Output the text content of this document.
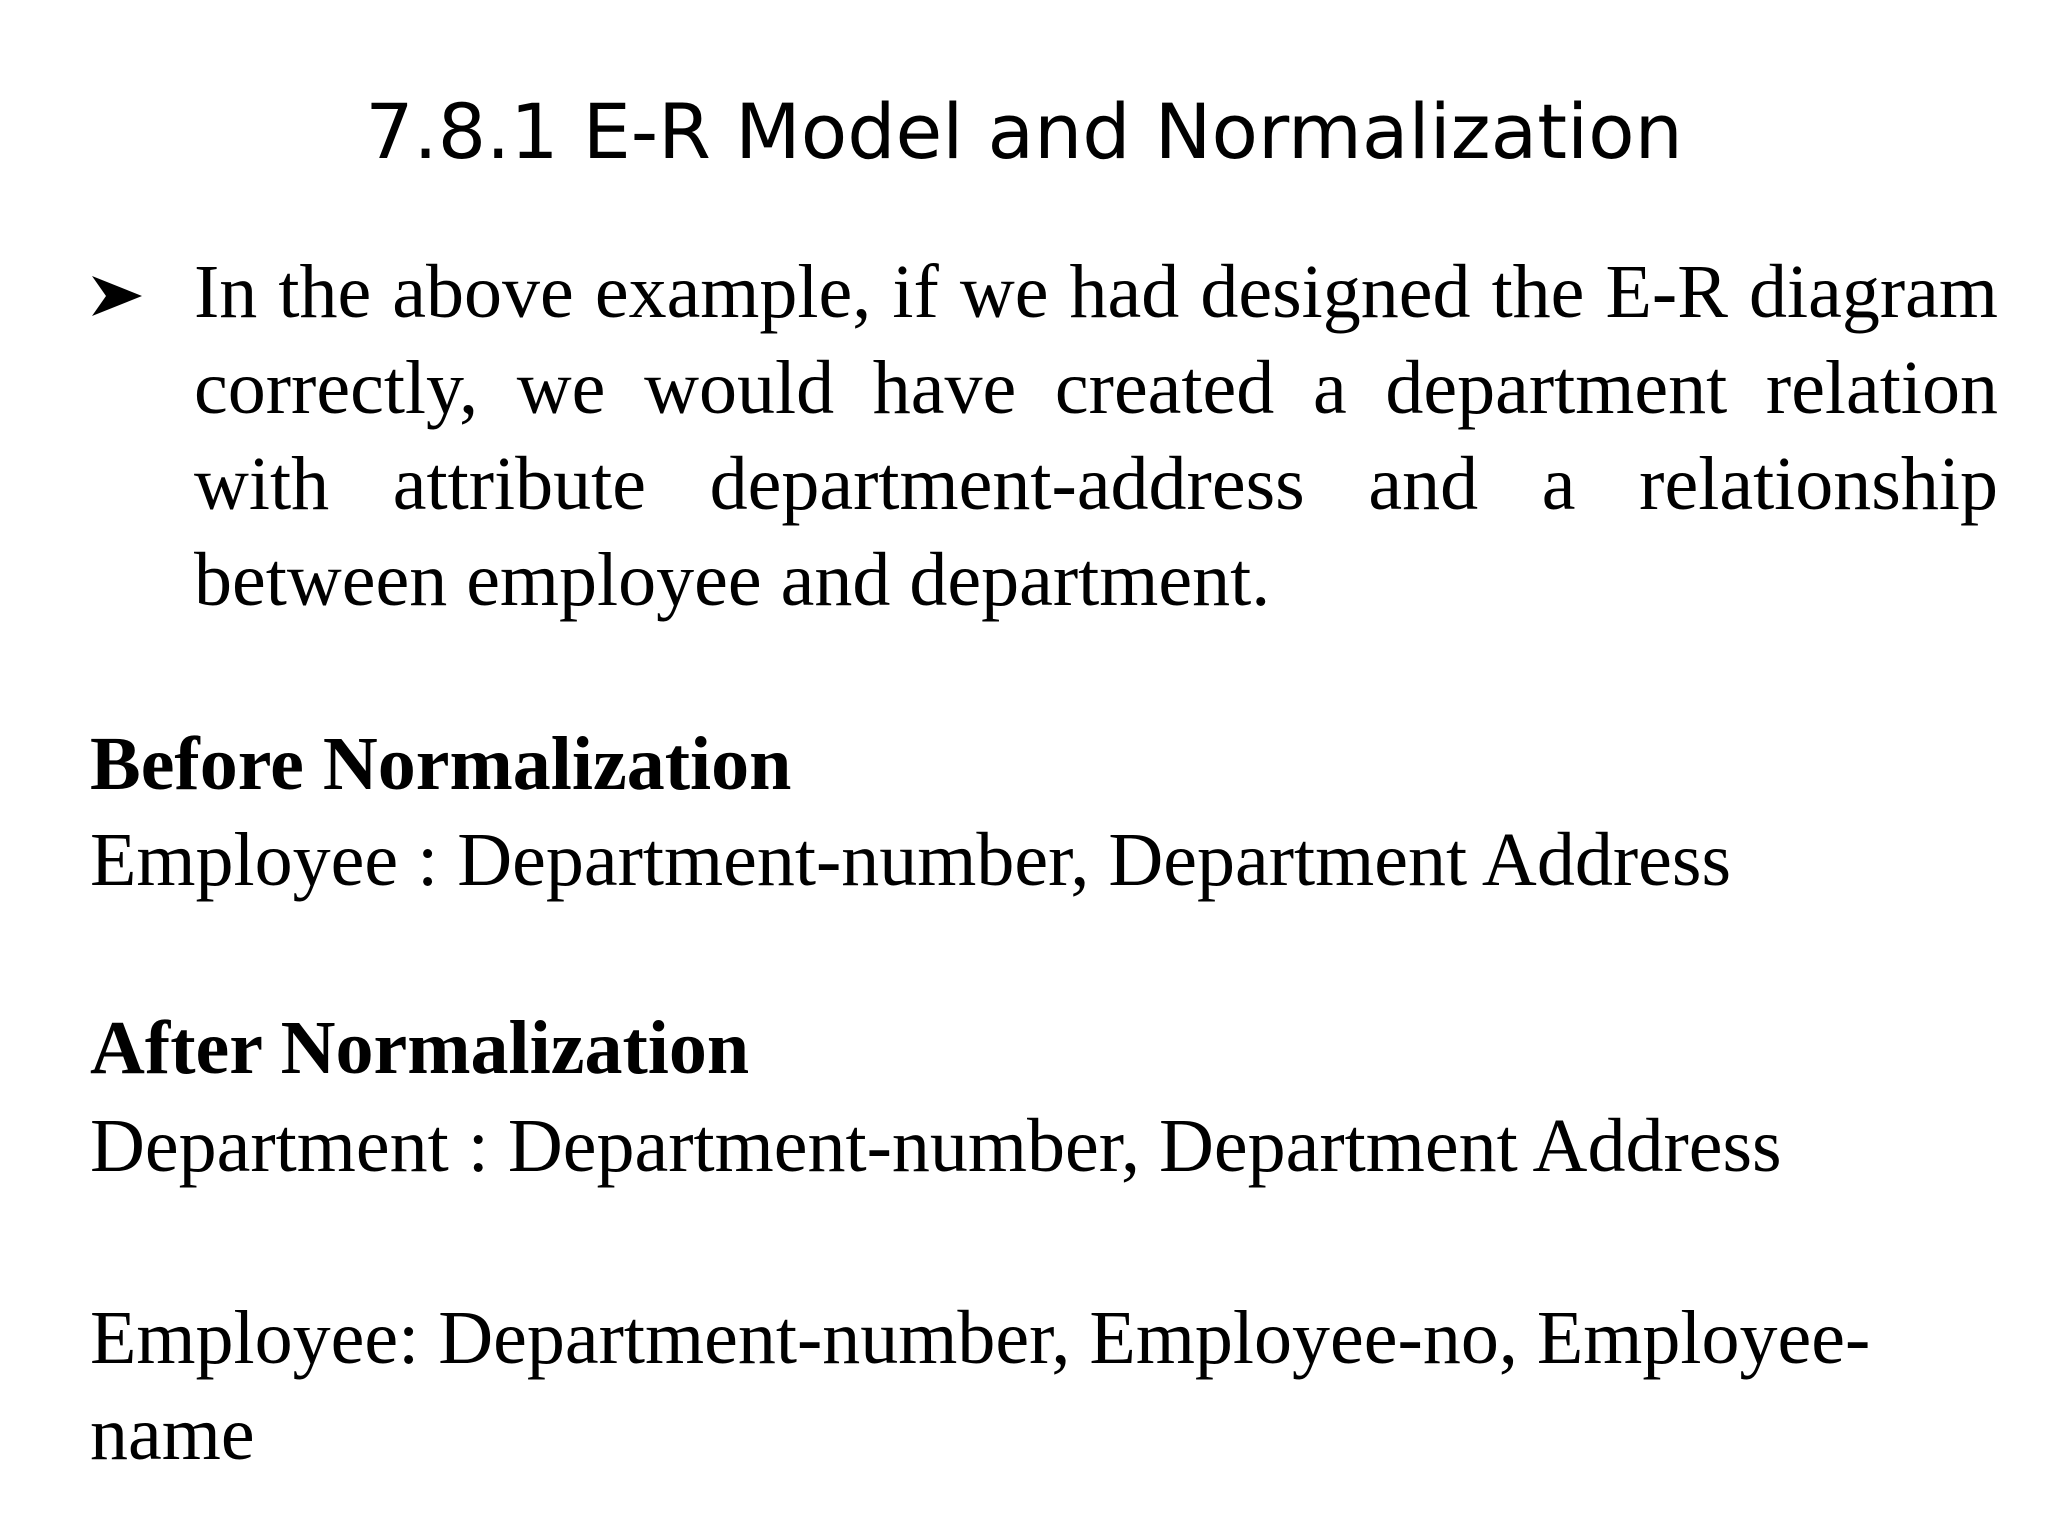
7.8.1 E-R Model and Normalization

In the above example, if we had designed the E-R diagram correctly, we would have created a department relation with attribute department-address and a relationship between employee and department.

Before Normalization

Employee : Department-number, Department Address

After Normalization

Department : Department-number, Department Address

Employee: Department-number, Employee-no, Employee-name
